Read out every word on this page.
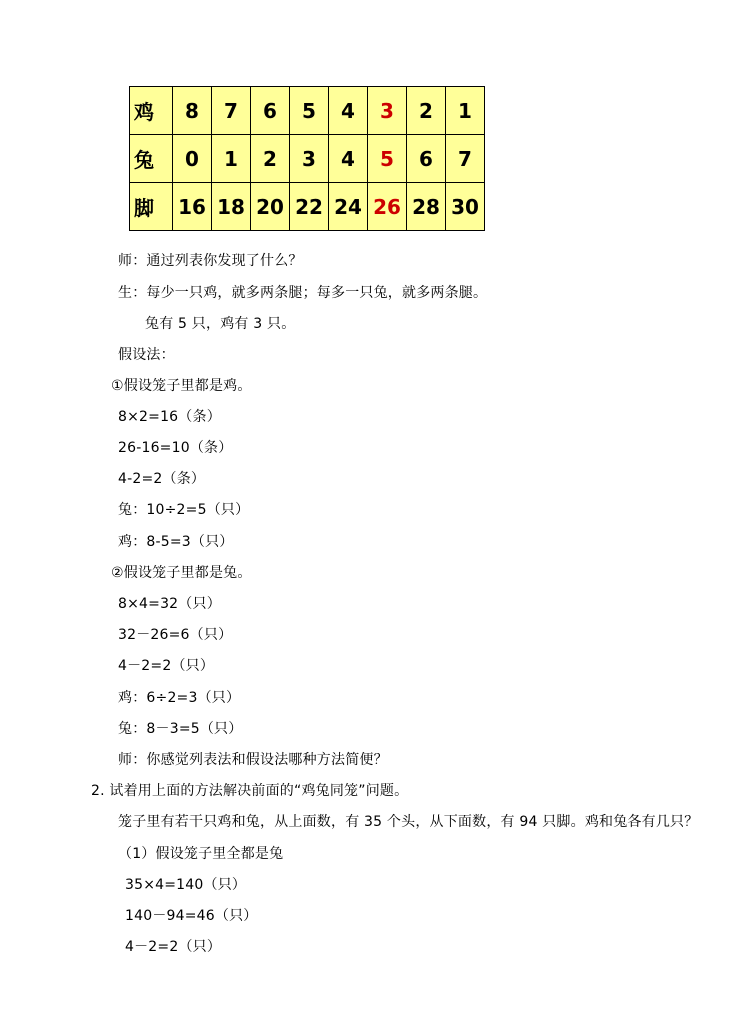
鸡	8	7	6	5	4	3	2	1
兔	0	1	2	3	4	5	6	7
脚	16	18	20	22	24	26	28	30
师：通过列表你发现了什么？
生：每少一只鸡，就多两条腿；每多一只兔，就多两条腿。
兔有 5 只，鸡有 3 只。
假设法：
①假设笼子里都是鸡。
8×2=16（条）
26-16=10（条）
4-2=2（条）
兔：10÷2=5（只）
鸡：8-5=3（只）
②假设笼子里都是兔。
8×4=32（只）
32－26=6（只）
4－2=2（只）
鸡：6÷2=3（只）
兔：8－3=5（只）
师：你感觉列表法和假设法哪种方法简便？
2. 试着用上面的方法解决前面的“鸡兔同笼”问题。
笼子里有若干只鸡和兔，从上面数，有 35 个头，从下面数，有 94 只脚。鸡和兔各有几只？
（1）假设笼子里全都是兔
35×4=140（只）
140－94=46（只）
4－2=2（只）
